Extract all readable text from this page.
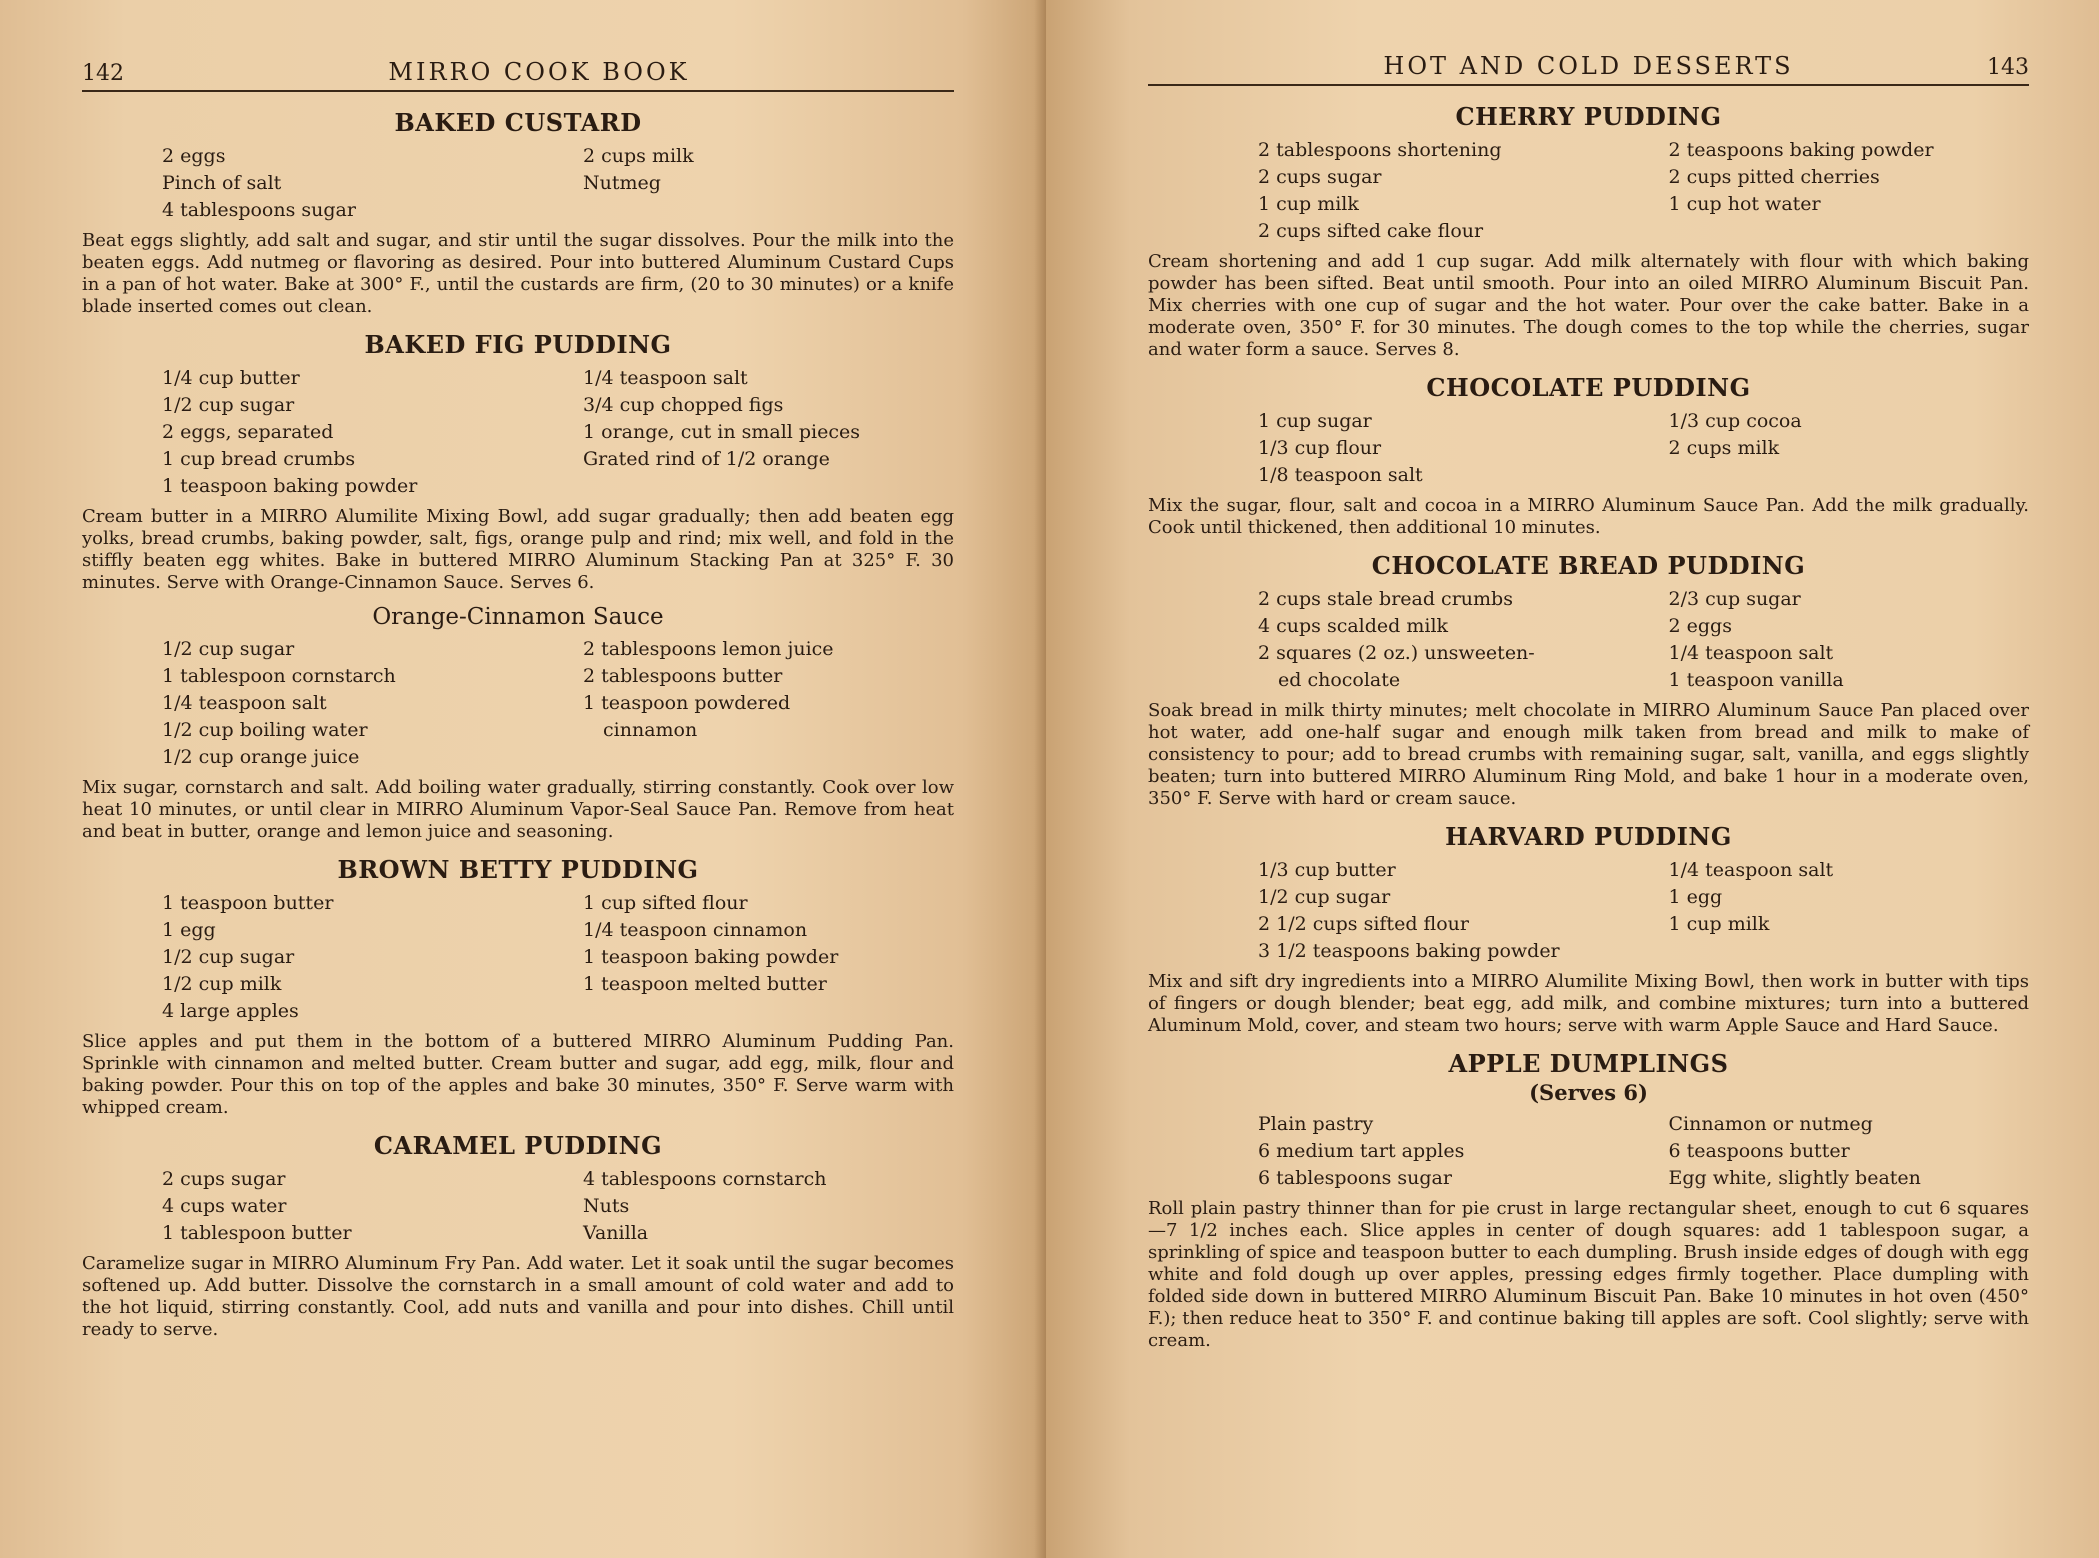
142	MIRRO COOK BOOK
BAKED CUSTARD
2 eggs
Pinch of salt
4 tablespoons sugar
2 cups milk
Nutmeg

Beat eggs slightly, add salt and sugar, and stir until the sugar dissolves. Pour the milk into the beaten eggs. Add nutmeg or flavoring as desired. Pour into buttered Aluminum Custard Cups in a pan of hot water. Bake at 300° F., until the custards are firm, (20 to 30 minutes) or a knife blade inserted comes out clean.

BAKED FIG PUDDING
1/4 cup butter
1/2 cup sugar
2 eggs, separated
1 cup bread crumbs
1 teaspoon baking powder
1/4 teaspoon salt
3/4 cup chopped figs
1 orange, cut in small pieces
Grated rind of 1/2 orange

Cream butter in a MIRRO Alumilite Mixing Bowl, add sugar gradually; then add beaten egg yolks, bread crumbs, baking powder, salt, figs, orange pulp and rind; mix well, and fold in the stiffly beaten egg whites. Bake in buttered MIRRO Aluminum Stacking Pan at 325° F. 30 minutes. Serve with Orange-Cinnamon Sauce. Serves 6.

Orange-Cinnamon Sauce
1/2 cup sugar
1 tablespoon cornstarch
1/4 teaspoon salt
1/2 cup boiling water
1/2 cup orange juice
2 tablespoons lemon juice
2 tablespoons butter
1 teaspoon powdered
cinnamon

Mix sugar, cornstarch and salt. Add boiling water gradually, stirring constantly. Cook over low heat 10 minutes, or until clear in MIRRO Aluminum Vapor-Seal Sauce Pan. Remove from heat and beat in butter, orange and lemon juice and seasoning.

BROWN BETTY PUDDING
1 teaspoon butter
1 egg
1/2 cup sugar
1/2 cup milk
4 large apples
1 cup sifted flour
1/4 teaspoon cinnamon
1 teaspoon baking powder
1 teaspoon melted butter

Slice apples and put them in the bottom of a buttered MIRRO Aluminum Pudding Pan. Sprinkle with cinnamon and melted butter. Cream butter and sugar, add egg, milk, flour and baking powder. Pour this on top of the apples and bake 30 minutes, 350° F. Serve warm with whipped cream.

CARAMEL PUDDING
2 cups sugar
4 cups water
1 tablespoon butter
4 tablespoons cornstarch
Nuts
Vanilla

Caramelize sugar in MIRRO Aluminum Fry Pan. Add water. Let it soak until the sugar becomes softened up. Add butter. Dissolve the cornstarch in a small amount of cold water and add to the hot liquid, stirring constantly. Cool, add nuts and vanilla and pour into dishes. Chill until ready to serve.

HOT AND COLD DESSERTS	143
CHERRY PUDDING
2 tablespoons shortening
2 cups sugar
1 cup milk
2 cups sifted cake flour
2 teaspoons baking powder
2 cups pitted cherries
1 cup hot water

Cream shortening and add 1 cup sugar. Add milk alternately with flour with which baking powder has been sifted. Beat until smooth. Pour into an oiled MIRRO Aluminum Biscuit Pan. Mix cherries with one cup of sugar and the hot water. Pour over the cake batter. Bake in a moderate oven, 350° F. for 30 minutes. The dough comes to the top while the cherries, sugar and water form a sauce. Serves 8.

CHOCOLATE PUDDING
1 cup sugar
1/3 cup flour
1/8 teaspoon salt
1/3 cup cocoa
2 cups milk

Mix the sugar, flour, salt and cocoa in a MIRRO Aluminum Sauce Pan. Add the milk gradually. Cook until thickened, then additional 10 minutes.

CHOCOLATE BREAD PUDDING
2 cups stale bread crumbs
4 cups scalded milk
2 squares (2 oz.) unsweeten-
ed chocolate
2/3 cup sugar
2 eggs
1/4 teaspoon salt
1 teaspoon vanilla

Soak bread in milk thirty minutes; melt chocolate in MIRRO Aluminum Sauce Pan placed over hot water, add one-half sugar and enough milk taken from bread and milk to make of consistency to pour; add to bread crumbs with remaining sugar, salt, vanilla, and eggs slightly beaten; turn into buttered MIRRO Aluminum Ring Mold, and bake 1 hour in a moderate oven, 350° F. Serve with hard or cream sauce.

HARVARD PUDDING
1/3 cup butter
1/2 cup sugar
2 1/2 cups sifted flour
3 1/2 teaspoons baking powder
1/4 teaspoon salt
1 egg
1 cup milk

Mix and sift dry ingredients into a MIRRO Alumilite Mixing Bowl, then work in butter with tips of fingers or dough blender; beat egg, add milk, and combine mixtures; turn into a buttered Aluminum Mold, cover, and steam two hours; serve with warm Apple Sauce and Hard Sauce.

APPLE DUMPLINGS
(Serves 6)
Plain pastry
6 medium tart apples
6 tablespoons sugar
Cinnamon or nutmeg
6 teaspoons butter
Egg white, slightly beaten

Roll plain pastry thinner than for pie crust in large rectangular sheet, enough to cut 6 squares—7 1/2 inches each. Slice apples in center of dough squares: add 1 tablespoon sugar, a sprinkling of spice and teaspoon butter to each dumpling. Brush inside edges of dough with egg white and fold dough up over apples, pressing edges firmly together. Place dumpling with folded side down in buttered MIRRO Aluminum Biscuit Pan. Bake 10 minutes in hot oven (450° F.); then reduce heat to 350° F. and continue baking till apples are soft. Cool slightly; serve with cream.
